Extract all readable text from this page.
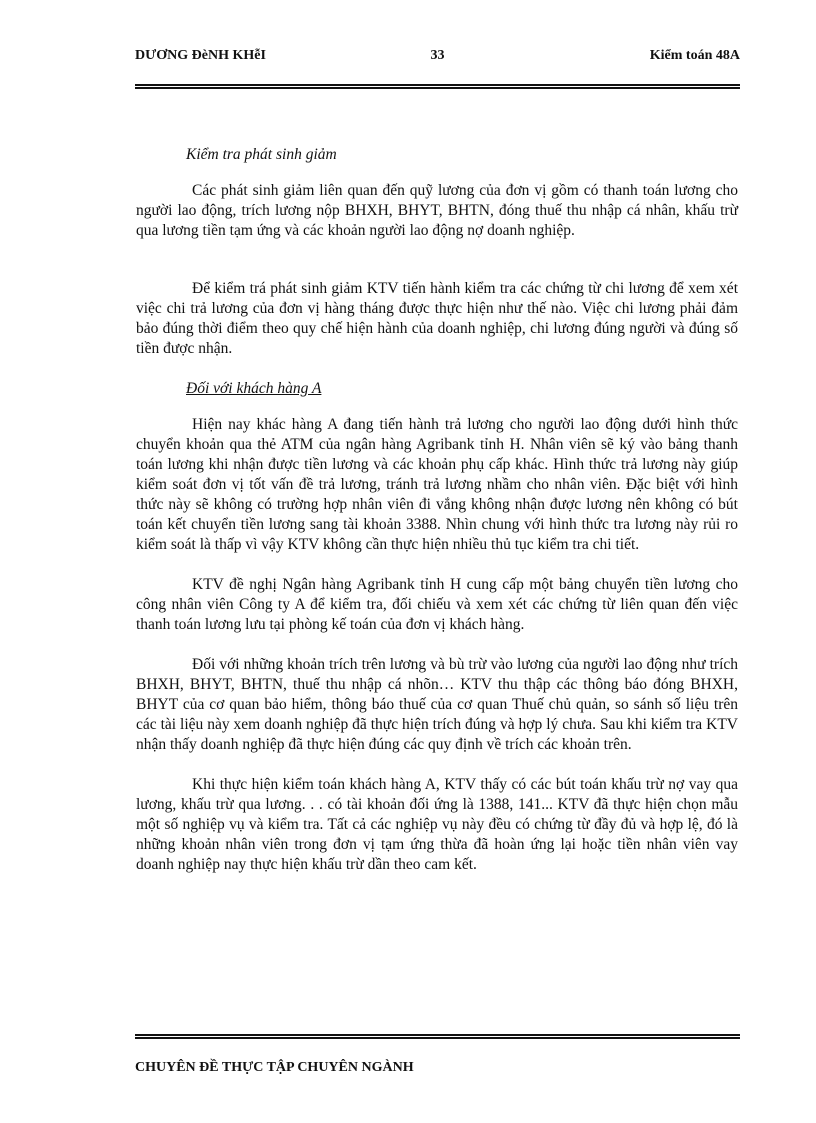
DƯƠNG ĐèNH KHễI	33	Kiểm toán 48A
Kiểm tra phát sinh giảm

Các phát sinh giảm liên quan đến quỹ lương của đơn vị gồm có thanh toán lương cho người lao động, trích lương nộp BHXH, BHYT, BHTN, đóng thuế thu nhập cá nhân, khấu trừ qua lương tiền tạm ứng và các khoản người lao động nợ doanh nghiệp.

Để kiểm trá phát sinh giảm KTV tiến hành kiểm tra các chứng từ chi lương để xem xét việc chi trả lương của đơn vị hàng tháng được thực hiện như thế nào. Việc chi lương phải đảm bảo đúng thời điểm theo quy chế hiện hành của doanh nghiệp, chi lương đúng người và đúng số tiền được nhận.

Đối với khách hàng A

Hiện nay khác hàng A đang tiến hành trả lương cho người lao động dưới hình thức chuyển khoản qua thẻ ATM của ngân hàng Agribank tỉnh H. Nhân viên sẽ ký vào bảng thanh toán lương khi nhận được tiền lương và các khoản phụ cấp khác. Hình thức trả lương này giúp kiểm soát đơn vị tốt vấn đề trả lương, tránh trả lương nhầm cho nhân viên. Đặc biệt với hình thức này sẽ không có trường hợp nhân viên đi vắng không nhận được lương nên không có bút toán kết chuyển tiền lương sang tài khoản 3388. Nhìn chung với hình thức tra lương này rủi ro kiểm soát là thấp vì vậy KTV không cần thực hiện nhiều thủ tục kiểm tra chi tiết.

KTV đề nghị Ngân hàng Agribank tỉnh H cung cấp một bảng chuyển tiền lương cho công nhân viên Công ty A để kiểm tra, đối chiếu và xem xét các chứng từ liên quan đến việc thanh toán lương lưu tại phòng kế toán của đơn vị khách hàng.

Đối với những khoản trích trên lương và bù trừ vào lương của người lao động như trích BHXH, BHYT, BHTN, thuế thu nhập cá nhõn… KTV thu thập các thông báo đóng BHXH, BHYT của cơ quan bảo hiểm, thông báo thuế của cơ quan Thuế chủ quản, so sánh số liệu trên các tài liệu này xem doanh nghiệp đã thực hiện trích đúng và hợp lý chưa. Sau khi kiểm tra KTV nhận thấy doanh nghiệp đã thực hiện đúng các quy định về trích các khoản trên.

Khi thực hiện kiểm toán khách hàng A, KTV thấy có các bút toán khấu trừ nợ vay qua lương, khấu trừ qua lương. . . có tài khoản đối ứng là 1388, 141... KTV đã thực hiện chọn mẫu một số nghiệp vụ và kiểm tra. Tất cả các nghiệp vụ này đều có chứng từ đầy đủ và hợp lệ, đó là những khoản nhân viên trong đơn vị tạm ứng thừa đã hoàn ứng lại hoặc tiền nhân viên vay doanh nghiệp nay thực hiện khấu trừ dần theo cam kết.

CHUYÊN ĐỀ THỰC TẬP CHUYÊN NGÀNH
